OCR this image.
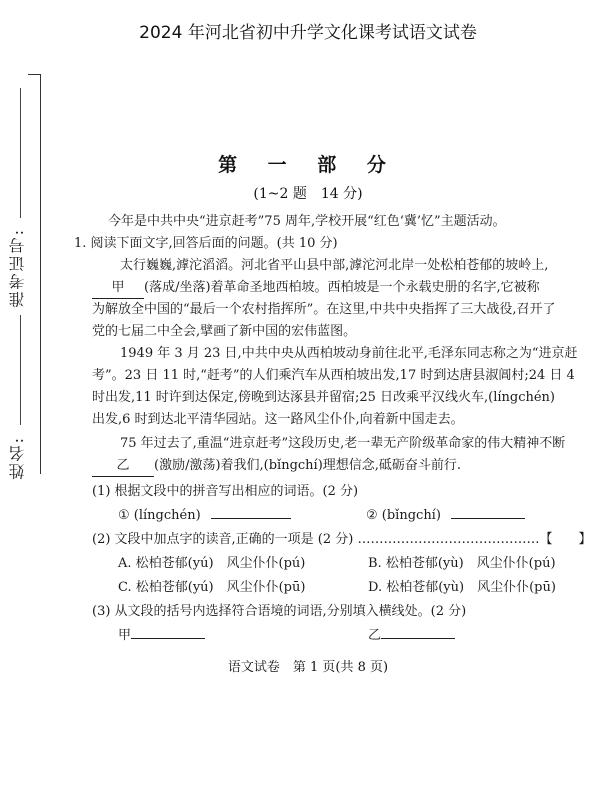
2024 年河北省初中升学文化课考试语文试卷
准考证号:
姓名:
第 一 部 分
(1~2 题　14 分)
今年是中共中央“进京赶考”75 周年,学校开展“红色‘冀’忆”主题活动。
1. 阅读下面文字,回答后面的问题。(共 10 分)
太行巍巍,滹沱滔滔。河北省平山县中部,滹沱河北岸一处松柏苍郁的坡岭上,
甲 (落成/坐落)着革命圣地西柏坡。西柏坡是一个永载史册的名字,它被称
为解放全中国的“最后一个农村指挥所”。在这里,中共中央指挥了三大战役,召开了
党的七届二中全会,擘画了新中国的宏伟蓝图。
1949 年 3 月 23 日,中共中央从西柏坡动身前往北平,毛泽东同志称之为“进京赶
考”。23 日 11 时,“赶考”的人们乘汽车从西柏坡出发,17 时到达唐县淑阊村;24 日 4
时出发,11 时许到达保定,傍晚到达涿县并留宿;25 日改乘平汉线火车,(língchén)
出发,6 时到达北平清华园站。这一路风尘仆仆,向着新中国走去。
75 年过去了,重温“进京赶考”这段历史,老一辈无产阶级革命家的伟大精神不断
乙 (激励/激荡)着我们,(bǐngchí)理想信念,砥砺奋斗前行.
(1) 根据文段中的拼音写出相应的词语。(2 分)
① (língchén)	② (bǐngchí)
(2) 文段中加点字的读音,正确的一项是 (2 分) ……………………………………【　　】
A. 松柏苍郁(yú)　风尘仆仆(pú)	B. 松柏苍郁(yù)　风尘仆仆(pú)
C. 松柏苍郁(yú)　风尘仆仆(pū)	D. 松柏苍郁(yù)　风尘仆仆(pū)
(3) 从文段的括号内选择符合语境的词语,分别填入横线处。(2 分)
甲	乙
语文试卷　第 1 页(共 8 页)
